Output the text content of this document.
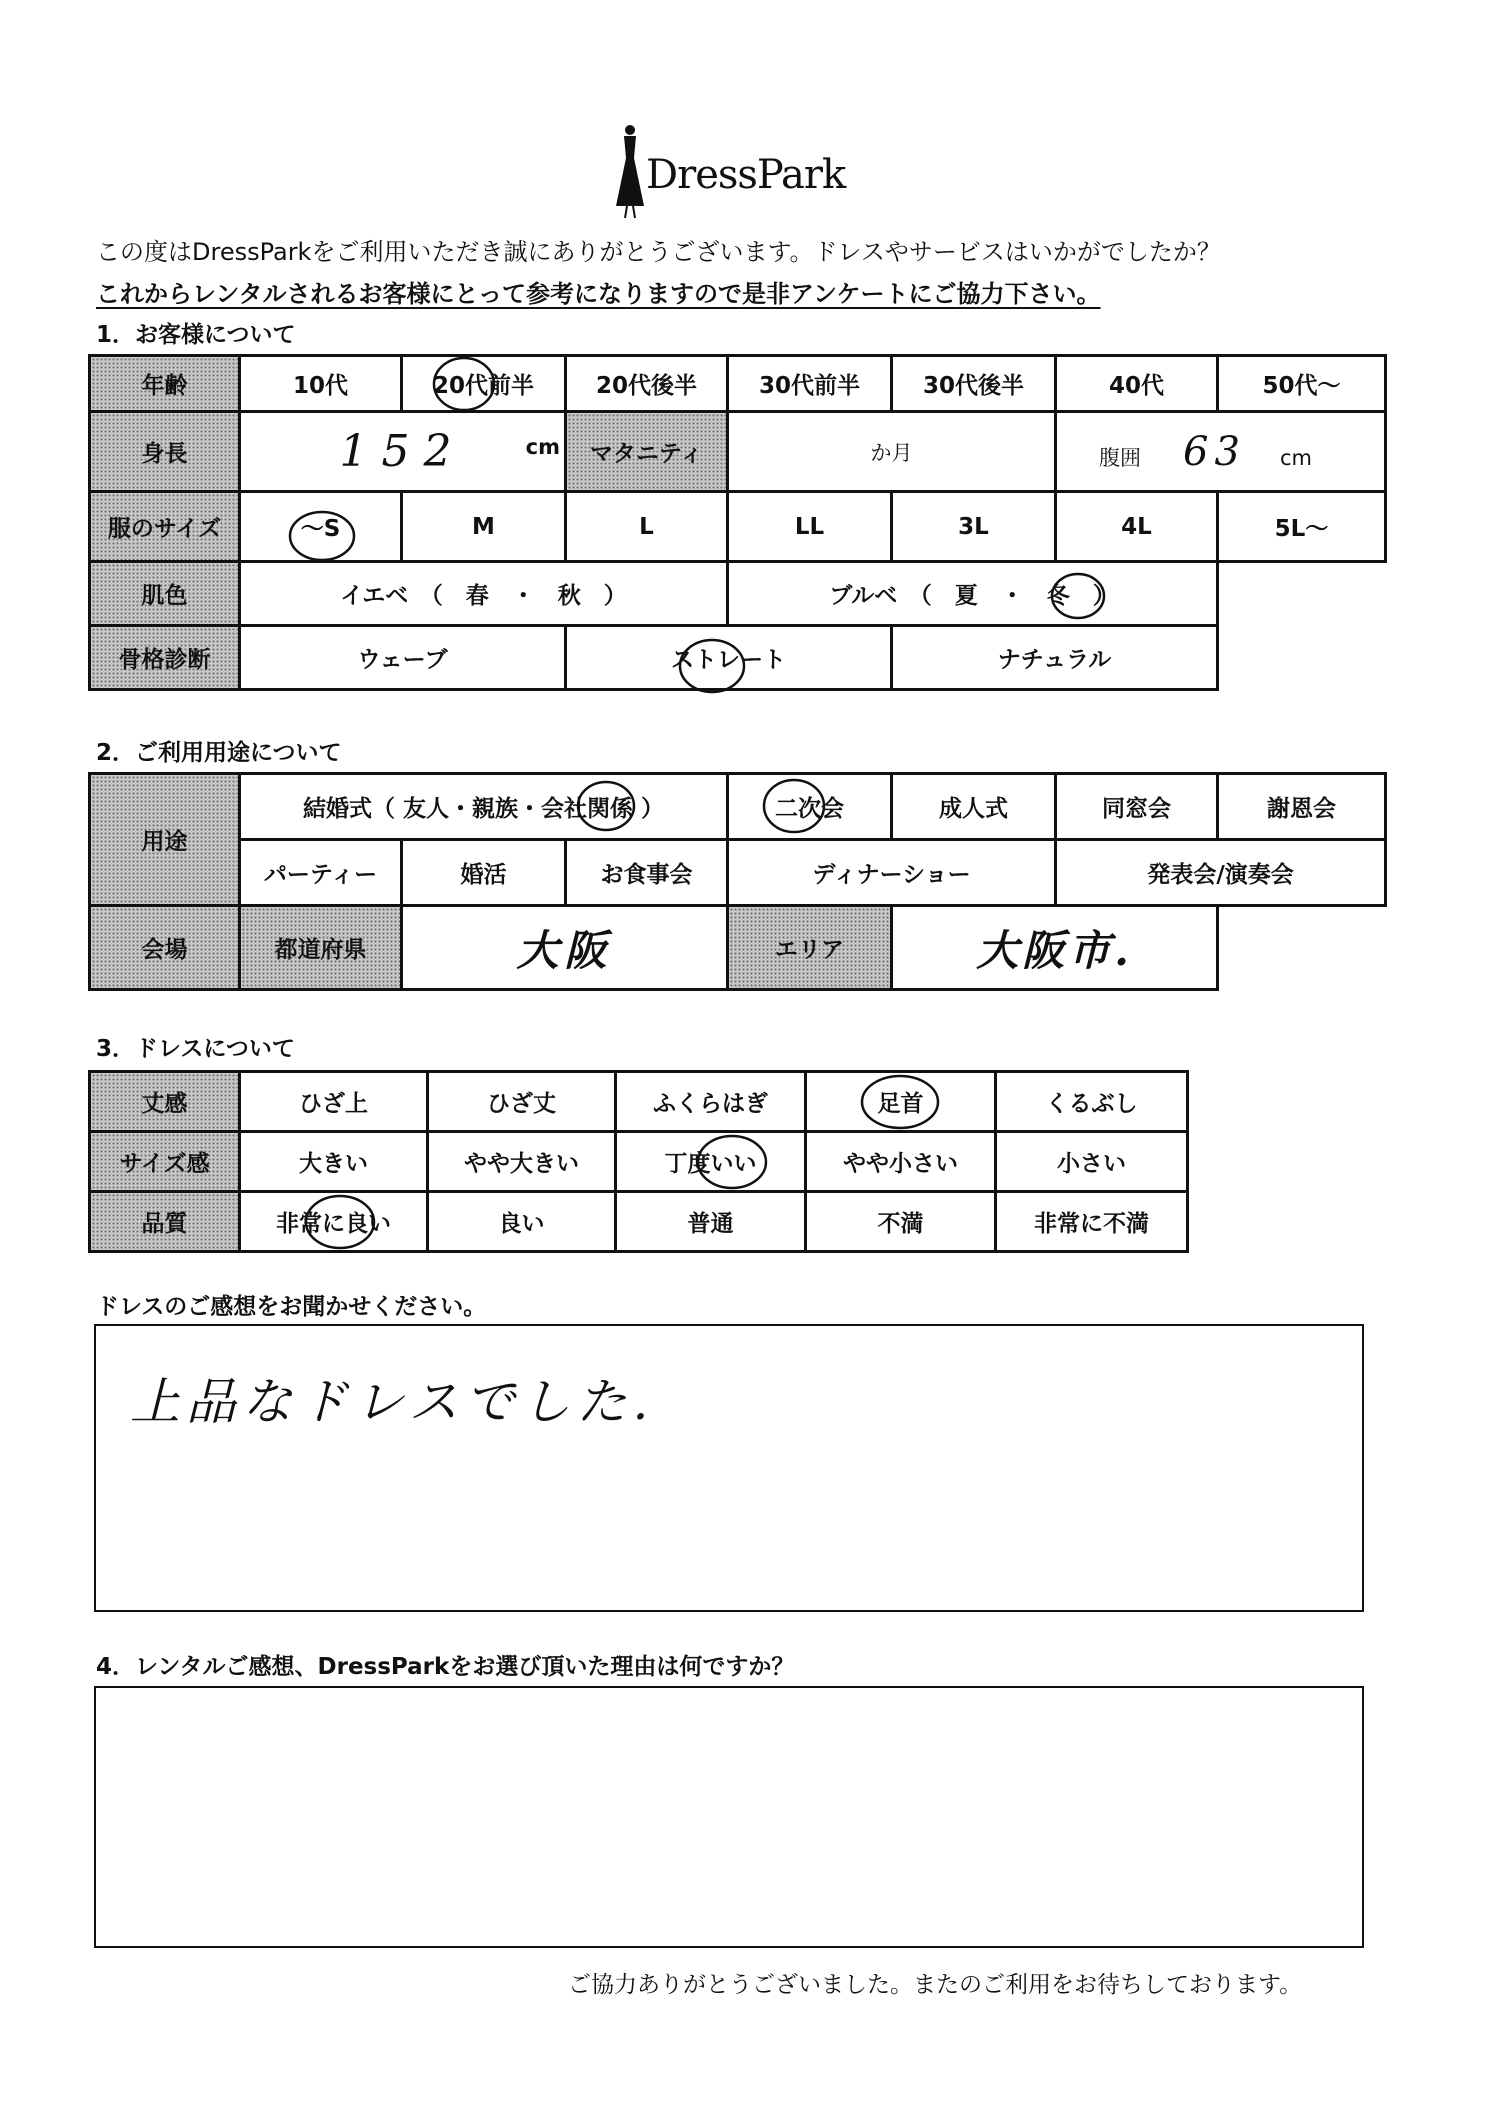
DressPark
この度はDressParkをご利用いただき誠にありがとうございます。ドレスやサービスはいかがでしたか？
これからレンタルされるお客様にとって参考になりますので是非アンケートにご協力下さい。
1．お客様について
年齢	10代	20代前半	20代後半	30代前半	30代後半	40代	50代〜
身長	152 cm		マタニティ	か月		腹囲 63 cm	
服のサイズ	〜S	M	L	LL	3L	4L	5L〜
肌色	イエベ　（　春　・　秋　）			ブルベ　（　夏　・　冬　）			
骨格診断	ウェーブ		ストレート		ナチュラル		
2．ご利用用途について
用途	結婚式（ 友人・親族・会社関係 ）			二次会	成人式	同窓会	謝恩会
	パーティー	婚活	お食事会	ディナーショー		発表会/演奏会	
会場	都道府県	大阪		エリア	大阪市.		
3．ドレスについて
丈感	ひざ上	ひざ丈	ふくらはぎ	足首	くるぶし
サイズ感	大きい	やや大きい	丁度いい	やや小さい	小さい
品質	非常に良い	良い	普通	不満	非常に不満
ドレスのご感想をお聞かせください。
上品なドレスでした.
4．レンタルご感想、DressParkをお選び頂いた理由は何ですか？
ご協力ありがとうございました。またのご利用をお待ちしております。
